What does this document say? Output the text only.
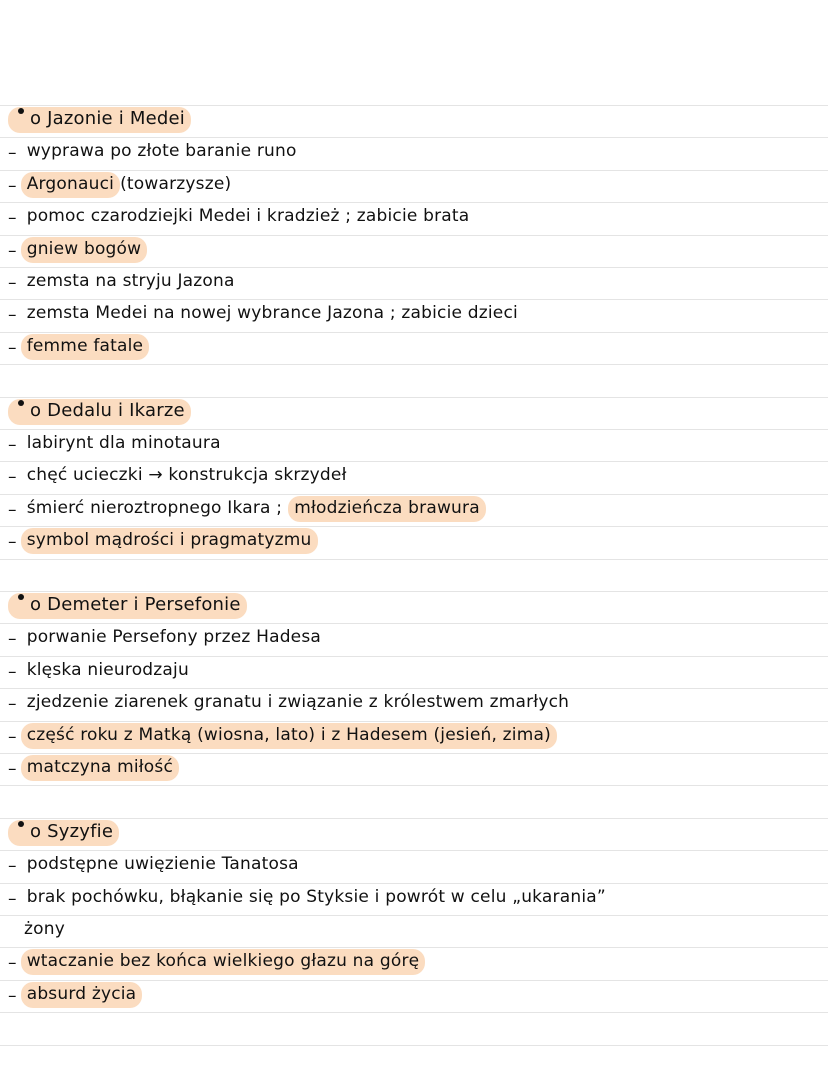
o Jazonie i Medei
– wyprawa po złote baranie runo
– Argonauci (towarzysze)
– pomoc czarodziejki Medei i kradzież ; zabicie brata
– gniew bogów
– zemsta na stryju Jazona
– zemsta Medei na nowej wybrance Jazona ; zabicie dzieci
– femme fatale
o Dedalu i Ikarze
– labirynt dla minotaura
– chęć ucieczki → konstrukcja skrzydeł
– śmierć nieroztropnego Ikara ; młodzieńcza brawura
– symbol mądrości i pragmatyzmu
o Demeter i Persefonie
– porwanie Persefony przez Hadesa
– klęska nieurodzaju
– zjedzenie ziarenek granatu i związanie z królestwem zmarłych
– część roku z Matką (wiosna, lato) i z Hadesem (jesień, zima)
– matczyna miłość
o Syzyfie
– podstępne uwięzienie Tanatosa
– brak pochówku, błąkanie się po Styksie i powrót w celu „ukarania”
żony
– wtaczanie bez końca wielkiego głazu na górę
– absurd życia
